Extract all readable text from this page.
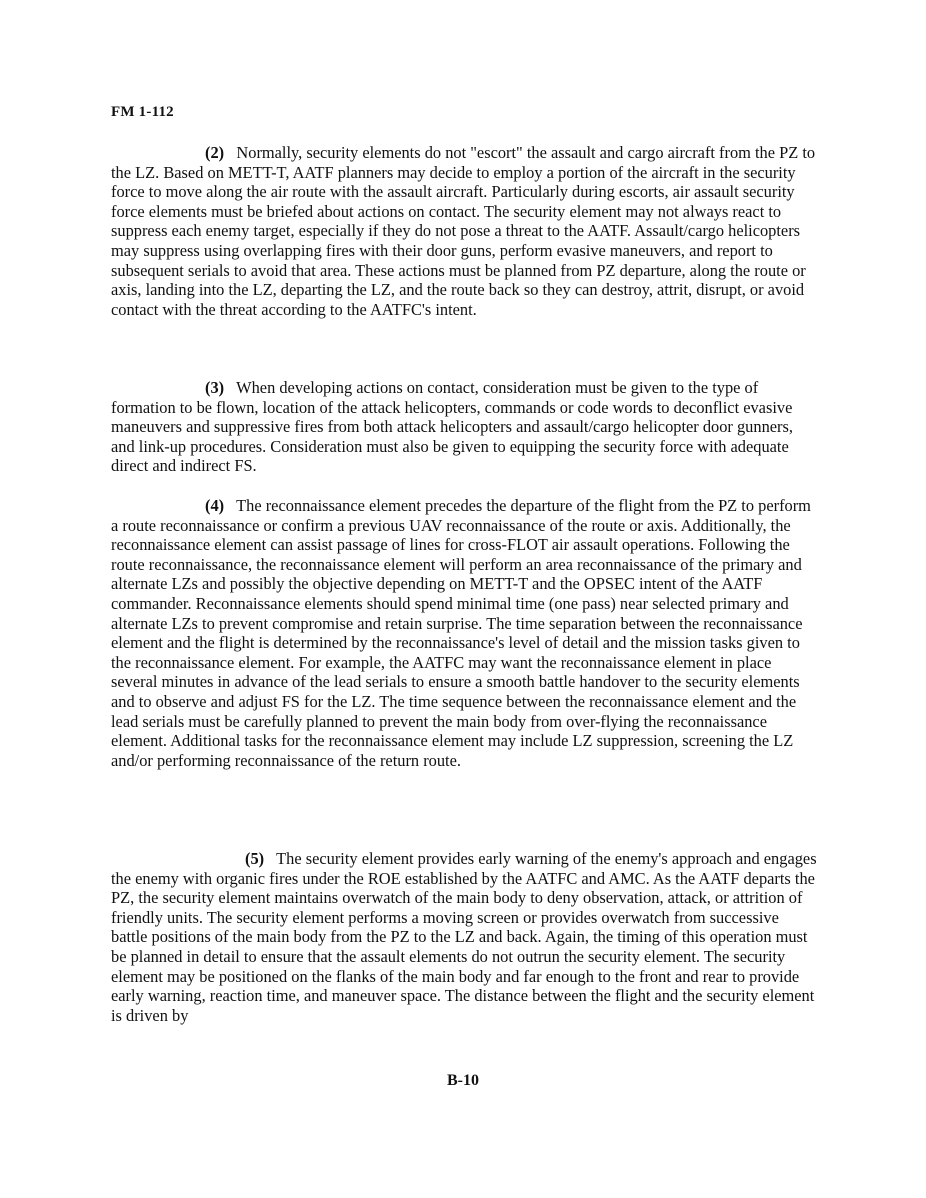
FM 1-112

(2) Normally, security elements do not "escort" the assault and cargo aircraft from the PZ to the LZ. Based on METT-T, AATF planners may decide to employ a portion of the aircraft in the security force to move along the air route with the assault aircraft. Particularly during escorts, air assault security force elements must be briefed about actions on contact. The security element may not always react to suppress each enemy target, especially if they do not pose a threat to the AATF. Assault/cargo helicopters may suppress using overlapping fires with their door guns, perform evasive maneuvers, and report to subsequent serials to avoid that area. These actions must be planned from PZ departure, along the route or axis, landing into the LZ, departing the LZ, and the route back so they can destroy, attrit, disrupt, or avoid contact with the threat according to the AATFC's intent.

(3) When developing actions on contact, consideration must be given to the type of formation to be flown, location of the attack helicopters, commands or code words to deconflict evasive maneuvers and suppressive fires from both attack helicopters and assault/cargo helicopter door gunners, and link-up procedures. Consideration must also be given to equipping the security force with adequate direct and indirect FS.

(4) The reconnaissance element precedes the departure of the flight from the PZ to perform a route reconnaissance or confirm a previous UAV reconnaissance of the route or axis. Additionally, the reconnaissance element can assist passage of lines for cross-FLOT air assault operations. Following the route reconnaissance, the reconnaissance element will perform an area reconnaissance of the primary and alternate LZs and possibly the objective depending on METT-T and the OPSEC intent of the AATF commander. Reconnaissance elements should spend minimal time (one pass) near selected primary and alternate LZs to prevent compromise and retain surprise. The time separation between the reconnaissance element and the flight is determined by the reconnaissance's level of detail and the mission tasks given to the reconnaissance element. For example, the AATFC may want the reconnaissance element in place several minutes in advance of the lead serials to ensure a smooth battle handover to the security elements and to observe and adjust FS for the LZ. The time sequence between the reconnaissance element and the lead serials must be carefully planned to prevent the main body from over-flying the reconnaissance element. Additional tasks for the reconnaissance element may include LZ suppression, screening the LZ and/or performing reconnaissance of the return route.

(5) The security element provides early warning of the enemy's approach and engages the enemy with organic fires under the ROE established by the AATFC and AMC. As the AATF departs the PZ, the security element maintains overwatch of the main body to deny observation, attack, or attrition of friendly units. The security element performs a moving screen or provides overwatch from successive battle positions of the main body from the PZ to the LZ and back. Again, the timing of this operation must be planned in detail to ensure that the assault elements do not outrun the security element. The security element may be positioned on the flanks of the main body and far enough to the front and rear to provide early warning, reaction time, and maneuver space. The distance between the flight and the security element is driven by

B-10
